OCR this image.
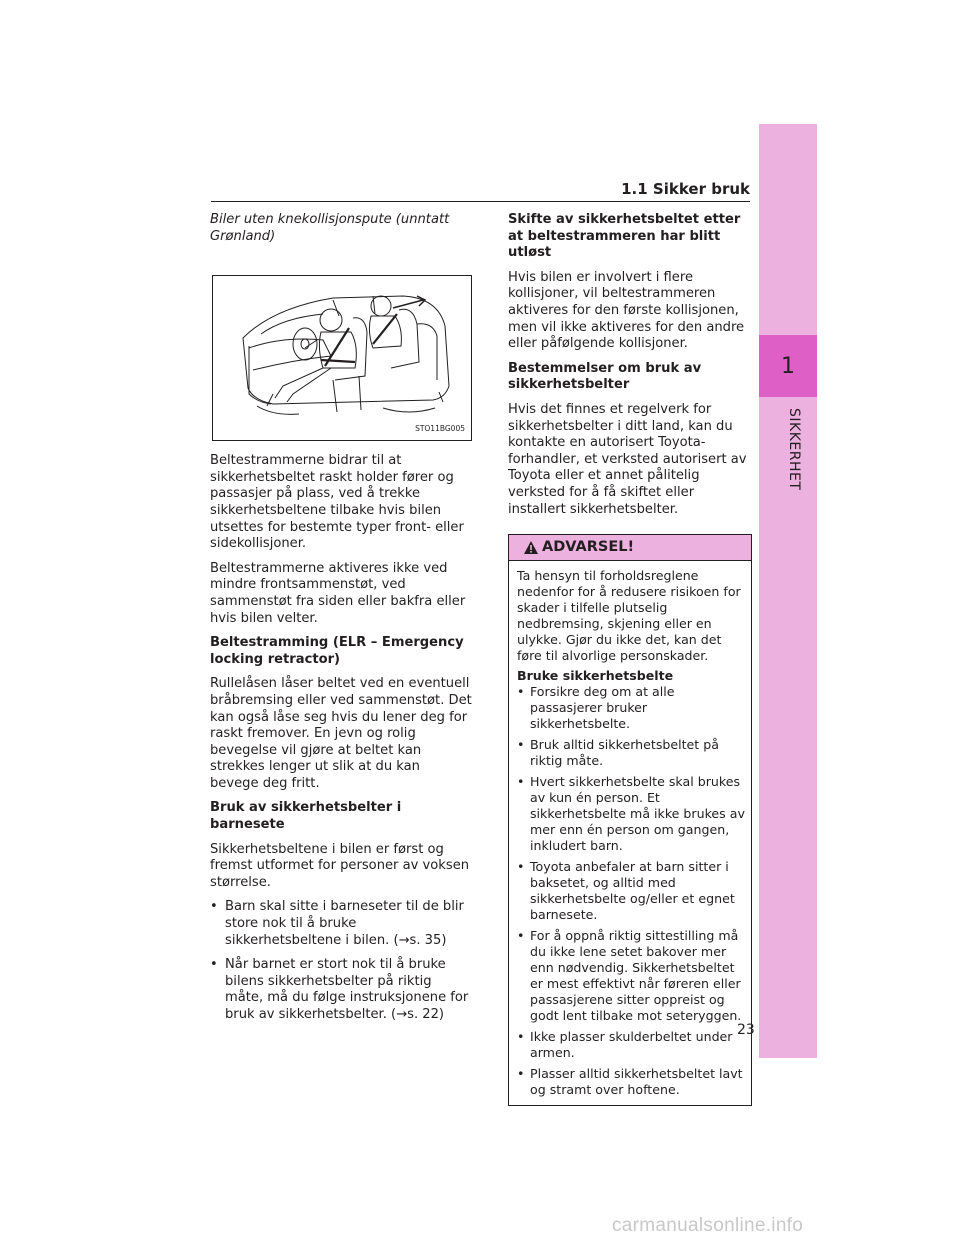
1
SIKKERHET
1.1 Sikker bruk

Biler uten knekollisjonspute (unntatt Grønland)

STO11BG005

Beltestrammerne bidrar til at sikkerhetsbeltet raskt holder fører og passasjer på plass, ved å trekke sikkerhetsbeltene tilbake hvis bilen utsettes for bestemte typer front- eller sidekollisjoner.

Beltestrammerne aktiveres ikke ved mindre frontsammenstøt, ved sammenstøt fra siden eller bakfra eller hvis bilen velter.

Beltestramming (ELR – Emergency locking retractor)

Rullelåsen låser beltet ved en eventuell bråbremsing eller ved sammenstøt. Det kan også låse seg hvis du lener deg for raskt fremover. En jevn og rolig bevegelse vil gjøre at beltet kan strekkes lenger ut slik at du kan bevege deg fritt.

Bruk av sikkerhetsbelter i barnesete

Sikkerhetsbeltene i bilen er først og fremst utformet for personer av voksen størrelse.

• Barn skal sitte i barneseter til de blir store nok til å bruke sikkerhetsbeltene i bilen. (→s. 35)
• Når barnet er stort nok til å bruke bilens sikkerhetsbelter på riktig måte, må du følge instruksjonene for bruk av sikkerhetsbelter. (→s. 22)

Skifte av sikkerhetsbeltet etter at beltestrammeren har blitt utløst

Hvis bilen er involvert i flere kollisjoner, vil beltestrammeren aktiveres for den første kollisjonen, men vil ikke aktiveres for den andre eller påfølgende kollisjoner.

Bestemmelser om bruk av sikkerhetsbelter

Hvis det finnes et regelverk for sikkerhetsbelter i ditt land, kan du kontakte en autorisert Toyota-forhandler, et verksted autorisert av Toyota eller et annet pålitelig verksted for å få skiftet eller installert sikkerhetsbelter.

ADVARSEL!

Ta hensyn til forholdsreglene nedenfor for å redusere risikoen for skader i tilfelle plutselig nedbremsing, skjening eller en ulykke. Gjør du ikke det, kan det føre til alvorlige personskader.

Bruke sikkerhetsbelte

• Forsikre deg om at alle passasjerer bruker sikkerhetsbelte.
• Bruk alltid sikkerhetsbeltet på riktig måte.
• Hvert sikkerhetsbelte skal brukes av kun én person. Et sikkerhetsbelte må ikke brukes av mer enn én person om gangen, inkludert barn.
• Toyota anbefaler at barn sitter i baksetet, og alltid med sikkerhetsbelte og/eller et egnet barnesete.
• For å oppnå riktig sittestilling må du ikke lene setet bakover mer enn nødvendig. Sikkerhetsbeltet er mest effektivt når føreren eller passasjerene sitter oppreist og godt lent tilbake mot seteryggen.
• Ikke plasser skulderbeltet under armen.
• Plasser alltid sikkerhetsbeltet lavt og stramt over hoftene.
23
carmanualsonline.info
